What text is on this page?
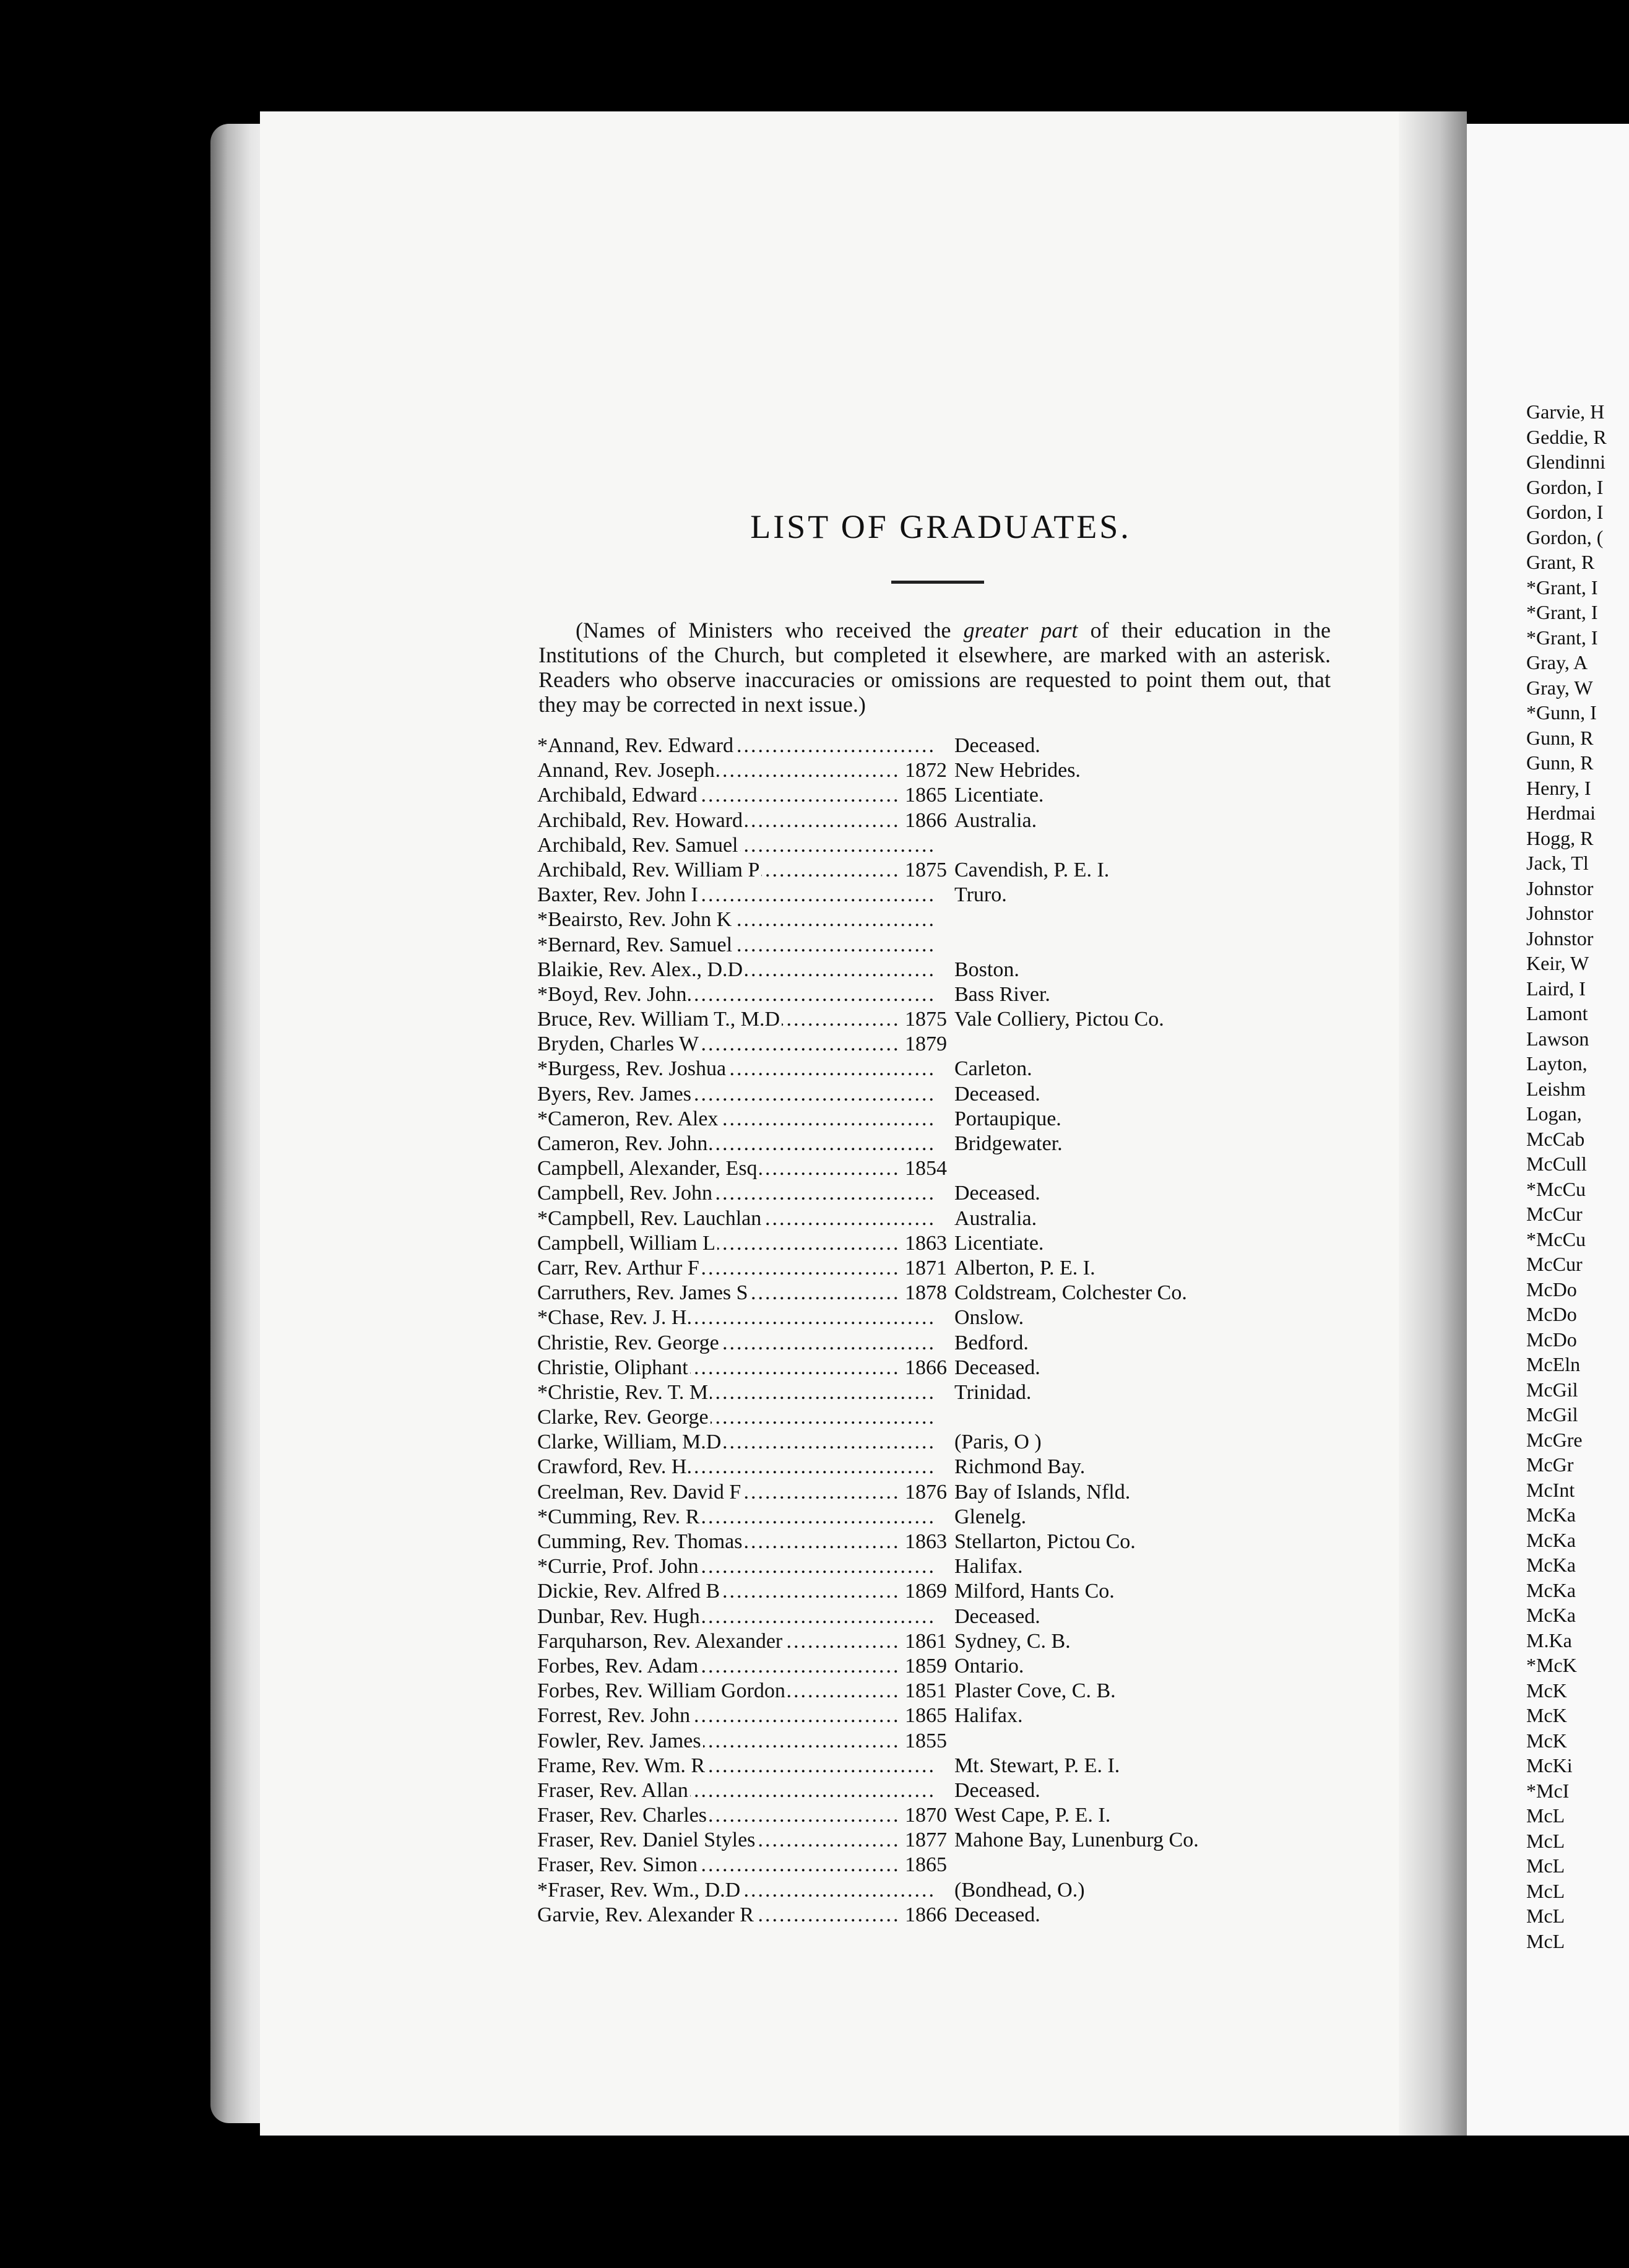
LIST OF GRADUATES.

(Names of Ministers who received the greater part of their education in the Institutions of the Church, but completed it elsewhere, are marked with an asterisk. Readers who observe inaccuracies or omissions are requested to point them out, that they may be corrected in next issue.)

*Annand, Rev. Edward .....	Deceased.
Annand, Rev. Joseph .....	1872 New Hebrides.
Archibald, Edward .....	1865 Licentiate.
Archibald, Rev. Howard .....	1866 Australia.
Archibald, Rev. Samuel .....
Archibald, Rev. William P .....	1875 Cavendish, P. E. I.
Baxter, Rev. John I .....	Truro.
*Beairsto, Rev. John K .....
*Bernard, Rev. Samuel .....
Blaikie, Rev. Alex., D.D .....	Boston.
*Boyd, Rev. John .....	Bass River.
Bruce, Rev. William T., M.D .....	1875 Vale Colliery, Pictou Co.
Bryden, Charles W .....	1879
*Burgess, Rev. Joshua .....	Carleton.
Byers, Rev. James .....	Deceased.
*Cameron, Rev. Alex .....	Portaupique.
Cameron, Rev. John .....	Bridgewater.
Campbell, Alexander, Esq .....	1854
Campbell, Rev. John .....	Deceased.
*Campbell, Rev. Lauchlan .....	Australia.
Campbell, William L .....	1863 Licentiate.
Carr, Rev. Arthur F .....	1871 Alberton, P. E. I.
Carruthers, Rev. James S .....	1878 Coldstream, Colchester Co.
*Chase, Rev. J. H .....	Onslow.
Christie, Rev. George .....	Bedford.
Christie, Oliphant .....	1866 Deceased.
*Christie, Rev. T. M .....	Trinidad.
Clarke, Rev. George .....
Clarke, William, M.D .....	(Paris, O )
Crawford, Rev. H .....	Richmond Bay.
Creelman, Rev. David F .....	1876 Bay of Islands, Nfld.
*Cumming, Rev. R .....	Glenelg.
Cumming, Rev. Thomas .....	1863 Stellarton, Pictou Co.
*Currie, Prof. John .....	Halifax.
Dickie, Rev. Alfred B .....	1869 Milford, Hants Co.
Dunbar, Rev. Hugh .....	Deceased.
Farquharson, Rev. Alexander .....	1861 Sydney, C. B.
Forbes, Rev. Adam .....	1859 Ontario.
Forbes, Rev. William Gordon .....	1851 Plaster Cove, C. B.
Forrest, Rev. John .....	1865 Halifax.
Fowler, Rev. James .....	1855
Frame, Rev. Wm. R .....	Mt. Stewart, P. E. I.
Fraser, Rev. Allan .....	Deceased.
Fraser, Rev. Charles .....	1870 West Cape, P. E. I.
Fraser, Rev. Daniel Styles .....	1877 Mahone Bay, Lunenburg Co.
Fraser, Rev. Simon .....	1865
*Fraser, Rev. Wm., D.D .....	(Bondhead, O.)
Garvie, Rev. Alexander R .....	1866 Deceased.
Garvie, H
Geddie, R
Glendinni
Gordon, I
Gordon, I
Gordon, (
Grant, R
*Grant, I
*Grant, I
*Grant, I
Gray, A
Gray, W
*Gunn, I
Gunn, R
Gunn, R
Henry, I
Herdmai
Hogg, R
Jack, Tl
Johnstor
Johnstor
Johnstor
Keir, W
Laird, I
Lamont
Lawson
Layton,
Leishm
Logan,
McCab
McCull
*McCu
McCur
*McCu
McCur
McDo
McDo
McDo
McEln
McGil
McGil
McGre
McGr
McInt
McKa
McKa
McKa
McKa
McKa
M.Ka
*McK
McK
McK
McK
McKi
*McI
McL
McL
McL
McL
McL
McL
